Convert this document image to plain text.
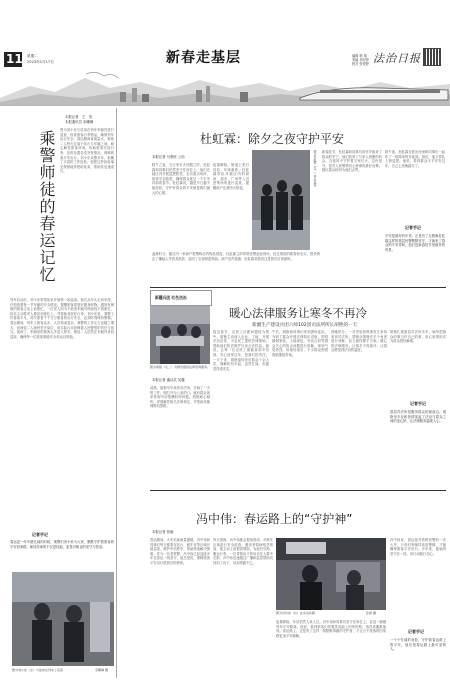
11 星期二
2023年1月17日	新春走基层	编辑 韩 翔
美编 李纪梓
校对 张悦婷 法治日报
本报记者　王　莹
本报通讯员 宋曦琳
乘警师徒的春运记忆 图为刘小东与徒弟在列车车厢内进行巡查，检查旅客行李物品，确保列车运行安全。春运期间客流量大，师徒二人每天往返于站台与车厢之间，耐心解答旅客问询，协助旅客安放行李，及时处置各类突发情况，保障旅客平安出行。刘小东从警多年，积累了丰富的工作经验，他把这些经验毫无保留地传授给徒弟，帮助其迅速成长。
列车启动后，刘小东带领徒弟开始第一轮巡查。他们从车头走到车尾，仔细查看每一节车厢的安全情况，提醒旅客看管好随身财物，遇到有困难的旅客主动上前帮忙。一位老人因为不熟悉车厢号码而找不到座位，徒弟主动将老人搀扶到座位上，并帮助其放好行李。刘小东说，乘警工作看似平凡，却关系着千千万万旅客的出行安全，必须时刻保持警惕。春运期间，列车上旅客众多，人员构成复杂，乘警的工作压力也随之增大，但师徒二人始终坚守岗位，用实际行动诠释着人民警察的责任与担当。夜深了，车厢里的旅客大多进入梦乡，师徒二人依然在车厢内来回巡视，确保每一位旅客都能安全到达目的地。
记者手记
春运是一年中最忙碌的时候，乘警们舍小家为大家，默默守护着旅客的平安回家路。师徒传承的不仅是技能，更是对职业的坚守与热爱。
图为刘小东（左）与徒弟在列车上巡查	宋曦琳 摄
杜虹霖：除夕之夜守护平安
本报记者 马利民 公培
除夕之夜，当万家灯火团圆之时，杜虹霖和同事们依然坚守在岗位上。他们在辖区内开展巡逻防控，走访重点场所，排查安全隐患，确保群众度过一个平安祥和的春节。杜虹霖说，越是节日越不能放松，守护好群众的平安就是我们最大的心愿。
夜幕降临，街道上张灯结彩，年味渐浓。杜虹霖带队对辖区内的商场、超市、广场等人员密集场所进行巡查，提醒商户注意防火防盗。
图为杜虹霖（左二）带队巡查
凌晨时分，辖区内一家商户报警称店内物品被盗，杜虹霖立即带领民警赶赴现场，经过细致的勘查和走访，很快锁定了嫌疑人并将其抓获，追回了全部被盗物品。商户连声道谢，杜虹霖笑着说这是我们应该做的。
新春佳节，杜虹霖和同事们用坚守换来了群众的安宁。他们放弃了与家人团聚的机会，在寒风中守护着万家灯火。这份坚守，是对人民警察初心使命的最好诠释。辖区群众纷纷为他们点赞。
除夕夜，杜虹霖在派出所里和同事们一起吃了一顿简单的年夜饭。饭后，他又带队上街巡逻。他说，看到群众平平安安过年，自己心里就踏实了。
记者手记
平安是最好的年货。正是有了无数像杜虹霖这样的基层民警默默坚守，才换来了群众的平安祥和，他们是新春佳节里最美的风景。
新疆兵团 红色法治
暖心法律服务让寒冬不再冷
新疆生产建设兵团六师102团司法所所长胡艳的一天
图为胡艳（左二）为群众提供法律咨询服务。
本报记者 潘从武 吴鑫
清晨，胡艳早早来到司法所，开始了一天的工作。刚打开办公室的门，就有群众前来咨询劳动报酬纠纷问题。胡艳耐心倾听，详细解答相关法律规定，并帮助其梳理维权思路。
临近春节，农民工讨薪问题较为集中。胡艳主动深入企业、工地，开展法治宣传，为农民工提供法律援助，帮助他们依法维护自身合法权益。她说，让每一位农民工都能拿到辛苦钱、安心回家过年，是我们的责任。一天下来，胡艳接待来访群众十余人次，调解纠纷多起，虽然忙碌，但她觉得很充实。
午后，胡艳和同事们来到团场连队，为职工群众开展法律知识讲座，围绕婚姻家庭、土地承包、劳动合同等群众关心的热点问题进行讲解，现场气氛热烈。讲座结束后，不少群众围着胡艳继续咨询。
傍晚时分，一对邻里因琐事发生争执来到司法所。胡艳从情理法多个角度进行劝解，双方最终握手言和。暖心的法律服务，让寒冬不再寒冷，让群众感受到法治的温度。
胡艳扎根基层司法所多年，始终把群众的事当作自己的事，用心用情用法为群众排忧解难。
记者手记
基层司法所是服务群众的最前沿。胡艳用专业和热情架起了法治与群众之间的连心桥，让法律服务温暖人心。
冯中伟：春运路上的“守护神”
本报记者 张驰
春运期间，火车站客流量激增，冯中伟和同事们每天都要在站台、候车室等区域开展巡查，维护车站秩序，帮助旅客解决困难。作为一名老铁警，冯中伟已经连续多年在春运一线坚守，他总是说，保障旅客平安出行是我们的使命。
每天清晨，冯中伟都会提前到岗，对候车区域进行安全检查。遇到老弱病残孕旅客，他主动上前提供帮助，为他们引路、搬运行李。一位带着孩子的母亲在人群中走散，冯中伟迅速通过广播和监控帮助其找到了孩子，母亲感激不已。
图为冯中伟（右）在车站执勤	张驰 摄
夜幕降临，车站依然人来人往。冯中伟和同事们坚守在岗位上，目送一趟趟列车平安驶离。他说，看到旅客们带着笑容踏上回家的路，再苦再累都值得。春运路上，正是有了这样一群默默奉献的守护者，才让万千旅客的回家路更加平安顺畅。
冯中伟说，春运是对铁路民警的一次大考，只有时刻保持高度警惕，才能确保旅客平安出行。多年来，他始终坚守在一线，用行动践行初心。
记者手记
一个个忙碌的身影，守护着春运路上的平安。他们是春运路上最可爱的人。
